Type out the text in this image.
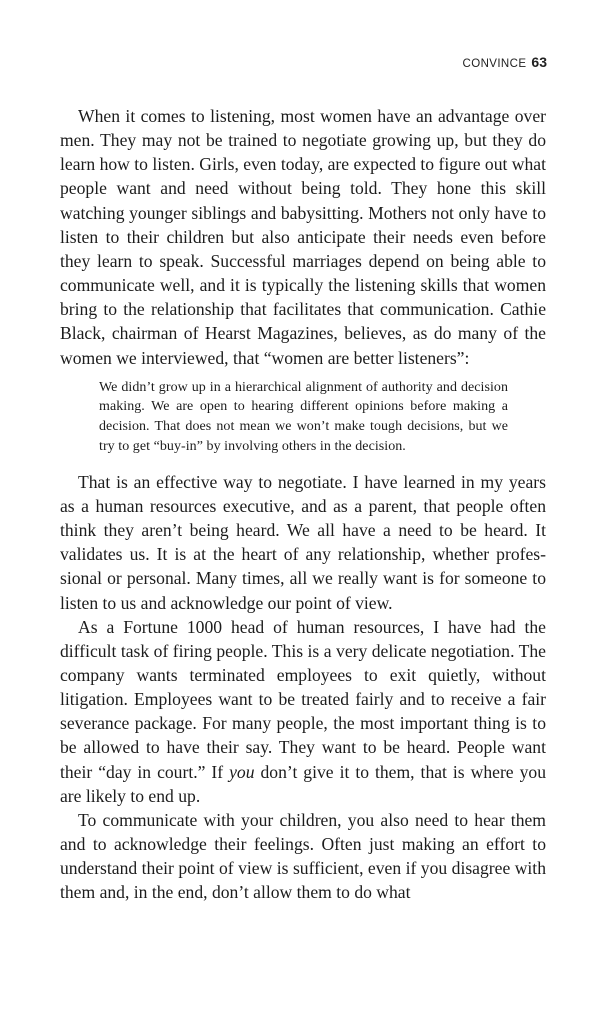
CONVINCE 63

When it comes to listening, most women have an advantage over men. They may not be trained to negotiate growing up, but they do learn how to listen. Girls, even today, are expected to figure out what people want and need without being told. They hone this skill watching younger siblings and babysitting. Mothers not only have to listen to their children but also anticipate their needs even before they learn to speak. Successful marriages depend on being able to communicate well, and it is typically the listening skills that women bring to the relationship that facilitates that communication. Cathie Black, chairman of Hearst Magazines, believes, as do many of the women we interviewed, that “women are better listeners”:

We didn’t grow up in a hierarchical alignment of authority and decision making. We are open to hearing different opinions before making a decision. That does not mean we won’t make tough decisions, but we try to get “buy-in” by involving others in the decision.

That is an effective way to negotiate. I have learned in my years as a human resources executive, and as a parent, that people often think they aren’t being heard. We all have a need to be heard. It validates us. It is at the heart of any relationship, whether professional or personal. Many times, all we really want is for someone to listen to us and acknowledge our point of view.

As a Fortune 1000 head of human resources, I have had the difficult task of firing people. This is a very delicate negotiation. The company wants terminated employees to exit quietly, without litigation. Employees want to be treated fairly and to receive a fair severance package. For many people, the most important thing is to be allowed to have their say. They want to be heard. People want their “day in court.” If you don’t give it to them, that is where you are likely to end up.

To communicate with your children, you also need to hear them and to acknowledge their feelings. Often just making an effort to understand their point of view is sufficient, even if you disagree with them and, in the end, don’t allow them to do what
